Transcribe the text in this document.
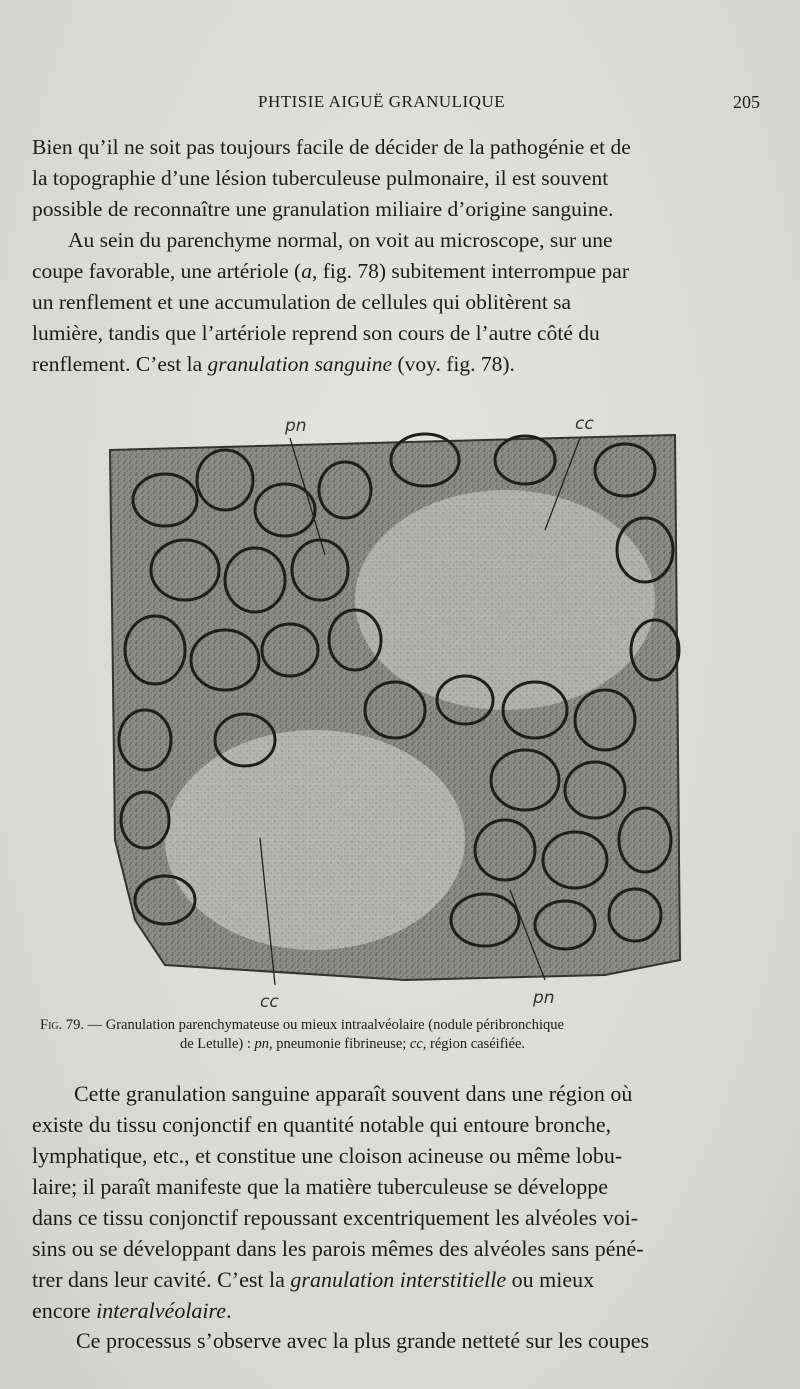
PHTISIE AIGUË GRANULIQUE	205
Bien qu’il ne soit pas toujours facile de décider de la pathogénie et de
la topographie d’une lésion tuberculeuse pulmonaire, il est souvent
possible de reconnaître une granulation miliaire d’origine sanguine.
Au sein du parenchyme normal, on voit au microscope, sur une
coupe favorable, une artériole (a, fig. 78) subitement interrompue par
un renflement et une accumulation de cellules qui oblitèrent sa
lumière, tandis que l’artériole reprend son cours de l’autre côté du
renflement. C’est la granulation sanguine (voy. fig. 78).
pn	cc
cc	pn
Fig. 79. — Granulation parenchymateuse ou mieux intraalvéolaire (nodule péribronchique
de Letulle) : pn, pneumonie fibrineuse; cc, région caséifiée.
Cette granulation sanguine apparaît souvent dans une région où
existe du tissu conjonctif en quantité notable qui entoure bronche,
lymphatique, etc., et constitue une cloison acineuse ou même lobu-
laire; il paraît manifeste que la matière tuberculeuse se développe
dans ce tissu conjonctif repoussant excentriquement les alvéoles voi-
sins ou se développant dans les parois mêmes des alvéoles sans péné-
trer dans leur cavité. C’est la granulation interstitielle ou mieux
encore interalvéolaire.
Ce processus s’observe avec la plus grande netteté sur les coupes
